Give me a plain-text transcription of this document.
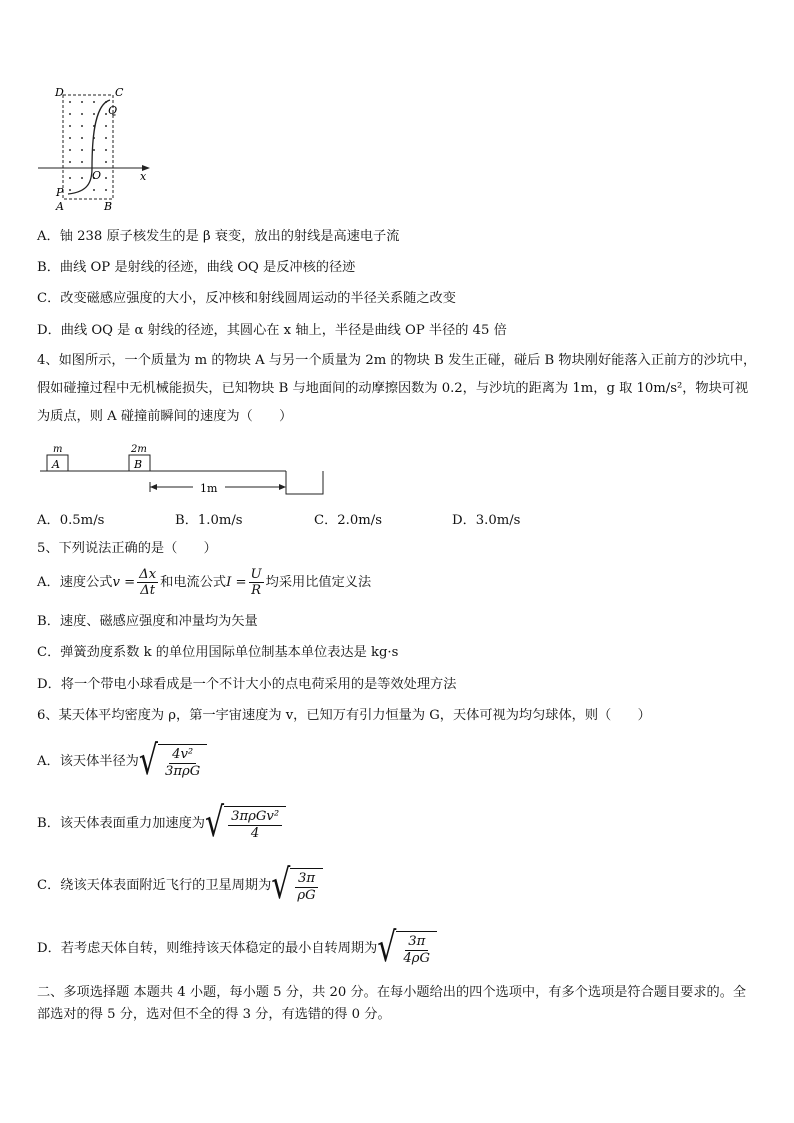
D	C
Q
O	x
P
A	B
A．铀 238 原子核发生的是 β 衰变，放出的射线是高速电子流
B．曲线 OP 是射线的径迹，曲线 OQ 是反冲核的径迹
C．改变磁感应强度的大小，反冲核和射线圆周运动的半径关系随之改变
D．曲线 OQ 是 α 射线的径迹，其圆心在 x 轴上，半径是曲线 OP 半径的 45 倍
4、如图所示，一个质量为 m 的物块 A 与另一个质量为 2m 的物块 B 发生正碰，碰后 B 物块刚好能落入正前方的沙坑中，假如碰撞过程中无机械能损失，已知物块 B 与地面间的动摩擦因数为 0.2，与沙坑的距离为 1m，g 取 10m/s²，物块可视为质点，则 A 碰撞前瞬间的速度为（　　）
m
A
2m
B
1m
A．0.5m/s	B．1.0m/s	C．2.0m/s	D．3.0m/s
5、下列说法正确的是（　　）
A．速度公式$v = \frac{\Delta x}{\Delta t}$ 和电流公式$I = \frac{U}{R}$ 均采用比值定义法
B．速度、磁感应强度和冲量均为矢量
C．弹簧劲度系数 k 的单位用国际单位制基本单位表达是 kg·s
D．将一个带电小球看成是一个不计大小的点电荷采用的是等效处理方法
6、某天体平均密度为 ρ，第一宇宙速度为 v，已知万有引力恒量为 G，天体可视为均匀球体，则（　　）
A．该天体半径为 √ $\frac{\text{4v²}}{\text{3πρG}}$
B．该天体表面重力加速度为 √ $\frac{\text{3πρGv²}}{4}$
C．绕该天体表面附近飞行的卫星周期为 √ $\frac{3\pi}{\rho G}$
D．若考虑天体自转，则维持该天体稳定的最小自转周期为 √ $\frac{3\pi}{4\rho G}$
二、多项选择题 本题共 4 小题，每小题 5 分，共 20 分。在每小题给出的四个选项中，有多个选项是符合题目要求的。全部选对的得 5 分，选对但不全的得 3 分，有选错的得 0 分。
